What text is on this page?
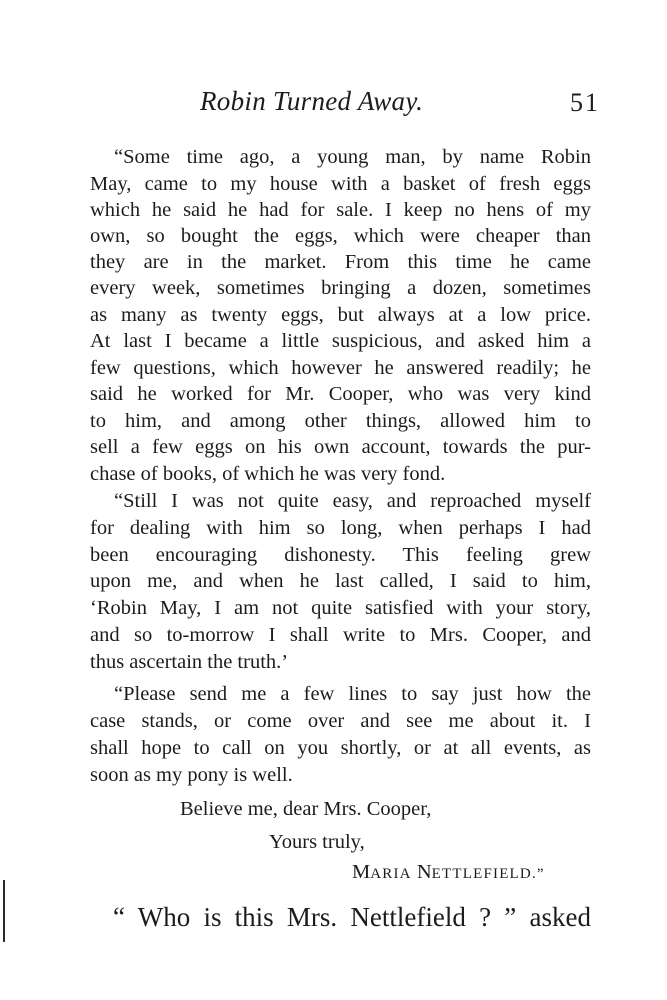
Robin Turned Away.	51
“Some time ago, a young man, by name Robin
May, came to my house with a basket of fresh eggs
which he said he had for sale. I keep no hens of my
own, so bought the eggs, which were cheaper than
they are in the market. From this time he came
every week, sometimes bringing a dozen, sometimes
as many as twenty eggs, but always at a low price.
At last I became a little suspicious, and asked him a
few questions, which however he answered readily; he
said he worked for Mr. Cooper, who was very kind
to him, and among other things, allowed him to
sell a few eggs on his own account, towards the pur-
chase of books, of which he was very fond.
“Still I was not quite easy, and reproached myself
for dealing with him so long, when perhaps I had
been encouraging dishonesty. This feeling grew
upon me, and when he last called, I said to him,
‘Robin May, I am not quite satisfied with your story,
and so to-morrow I shall write to Mrs. Cooper, and
thus ascertain the truth.’
“Please send me a few lines to say just how the
case stands, or come over and see me about it. I
shall hope to call on you shortly, or at all events, as
soon as my pony is well.
Believe me, dear Mrs. Cooper,
Yours truly,
MARIA NETTLEFIELD.”
“ Who is this Mrs. Nettlefield ? ” asked
